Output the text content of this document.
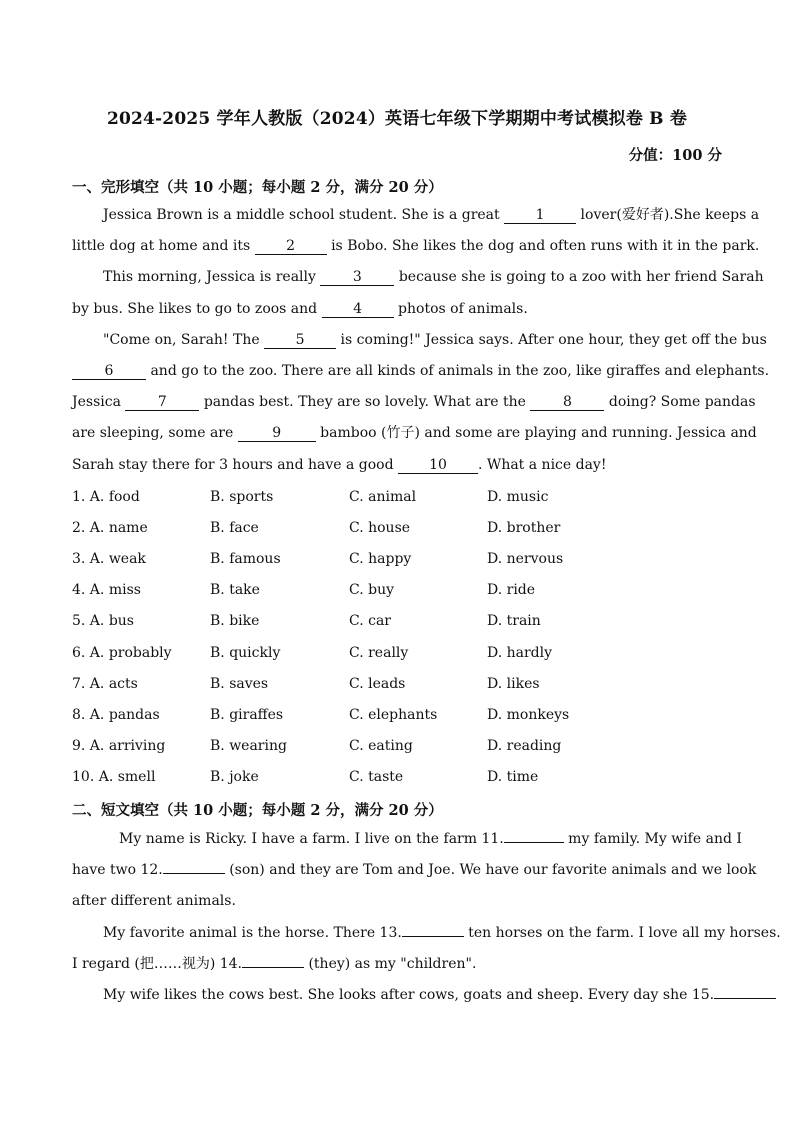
2024-2025 学年人教版（2024）英语七年级下学期期中考试模拟卷 B 卷
分值：100 分
一、完形填空（共 10 小题；每小题 2 分，满分 20 分）
Jessica Brown is a middle school student. She is a great 1 lover(爱好者).She keeps a
little dog at home and its 2 is Bobo. She likes the dog and often runs with it in the park.
This morning, Jessica is really 3 because she is going to a zoo with her friend Sarah
by bus. She likes to go to zoos and 4 photos of animals.
"Come on, Sarah! The 5 is coming!" Jessica says. After one hour, they get off the bus
6 and go to the zoo. There are all kinds of animals in the zoo, like giraffes and elephants.
Jessica 7 pandas best. They are so lovely. What are the 8 doing? Some pandas
are sleeping, some are 9 bamboo (竹子) and some are playing and running. Jessica and
Sarah stay there for 3 hours and have a good 10 . What a nice day!
1. A. food	B. sports	C. animal	D. music
2. A. name	B. face	C. house	D. brother
3. A. weak	B. famous	C. happy	D. nervous
4. A. miss	B. take	C. buy	D. ride
5. A. bus	B. bike	C. car	D. train
6. A. probably	B. quickly	C. really	D. hardly
7. A. acts	B. saves	C. leads	D. likes
8. A. pandas	B. giraffes	C. elephants	D. monkeys
9. A. arriving	B. wearing	C. eating	D. reading
10. A. smell	B. joke	C. taste	D. time
二、短文填空（共 10 小题；每小题 2 分，满分 20 分）
My name is Ricky. I have a farm. I live on the farm 11.	my family. My wife and I
have two 12.	(son) and they are Tom and Joe. We have our favorite animals and we look
after different animals.
My favorite animal is the horse. There 13.	ten horses on the farm. I love all my horses.
I regard (把……视为) 14.	(they) as my "children".
My wife likes the cows best. She looks after cows, goats and sheep. Every day she 15.
